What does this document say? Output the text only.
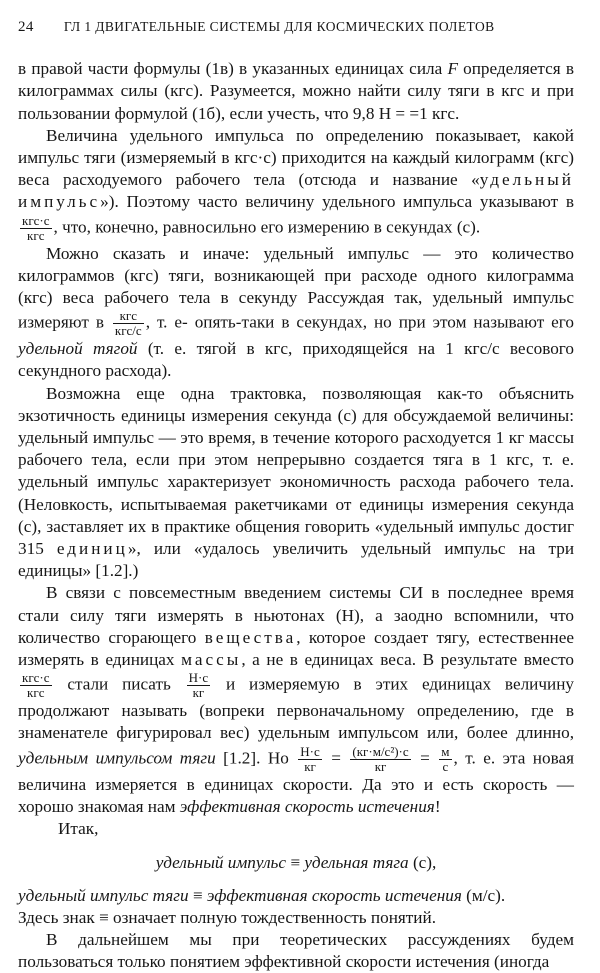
24 ГЛ 1 ДВИГАТЕЛЬНЫЕ СИСТЕМЫ ДЛЯ КОСМИЧЕСКИХ ПОЛЕТОВ

в правой части формулы (1в) в указанных единицах сила F определяется в килограммах силы (кгс). Разумеется, можно найти силу тяги в кгс и при пользовании формулой (1б), если учесть, что 9,8 Н = =1 кгс.

Величина удельного импульса по определению показывает, какой импульс тяги (измеряемый в кгс·с) приходится на каждый килограмм (кгс) веса расходуемого рабочего тела (отсюда и название «удельный импульс»). Поэтому часто величину удельного импульса указывают в
$\frac{\text{кгс·с}}{\text{кгс}}$ , что, конечно, равносильно его измерению в секундах (с).

Можно сказать и иначе: удельный импульс — это количество килограммов (кгс) тяги, возникающей при расходе одного килограмма (кгс) веса рабочего тела в секунду Рассуждая так, удельный импульс измеряют в $\frac{\text{кгс}}{\text{кгс/с}}$ , т. е- опять-таки в секундах, но при этом называют его удельной тягой (т. е. тягой в кгс, приходящейся на 1 кгс/с весового секундного расхода).

Возможна еще одна трактовка, позволяющая как-то объяснить экзотичность единицы измерения секунда (с) для обсуждаемой величины: удельный импульс — это время, в течение которого расходуется 1 кг массы рабочего тела, если при этом непрерывно создается тяга в 1 кгс, т. е. удельный импульс характеризует экономичность расхода рабочего тела. (Неловкость, испытываемая ракетчиками от единицы измерения секунда (с), заставляет их в практике общения говорить «удельный импульс достиг 315 единиц», или «удалось увеличить удельный импульс на три единицы» [1.2].)

В связи с повсеместным введением системы СИ в последнее время стали силу тяги измерять в ньютонах (Н), а заодно вспомнили, что количество сгорающего вещества, которое создает тягу, естественнее измерять в единицах массы, а не в единицах веса. В результате вместо
$\frac{\text{кгс·с}}{\text{кгс}}$ стали писать $\frac{Н\cdot с}{кг}$ и измеряемую в этих единицах величину продолжают называть (вопреки первоначальному определению, где в знаменателе фигурировал вес) удельным импульсом или, более длинно, удельным импульсом тяги [1.2]. Но $\frac{Н\cdot с}{кг} = \frac{\text{(кг·м/с²)·с}}{кг} = \frac{м}{с}$ , т. е. эта новая величина измеряется в единицах скорости. Да это и есть скорость — хорошо знакомая нам эффективная скорость истечения!

Итак,

удельный импульс ≡ удельная тяга (с),

удельный импульс тяги ≡ эффективная скорость истечения (м/с).

Здесь знак ≡ означает полную тождественность понятий.

В дальнейшем мы при теоретических рассуждениях будем пользоваться только понятием эффективной скорости истечения (иногда
